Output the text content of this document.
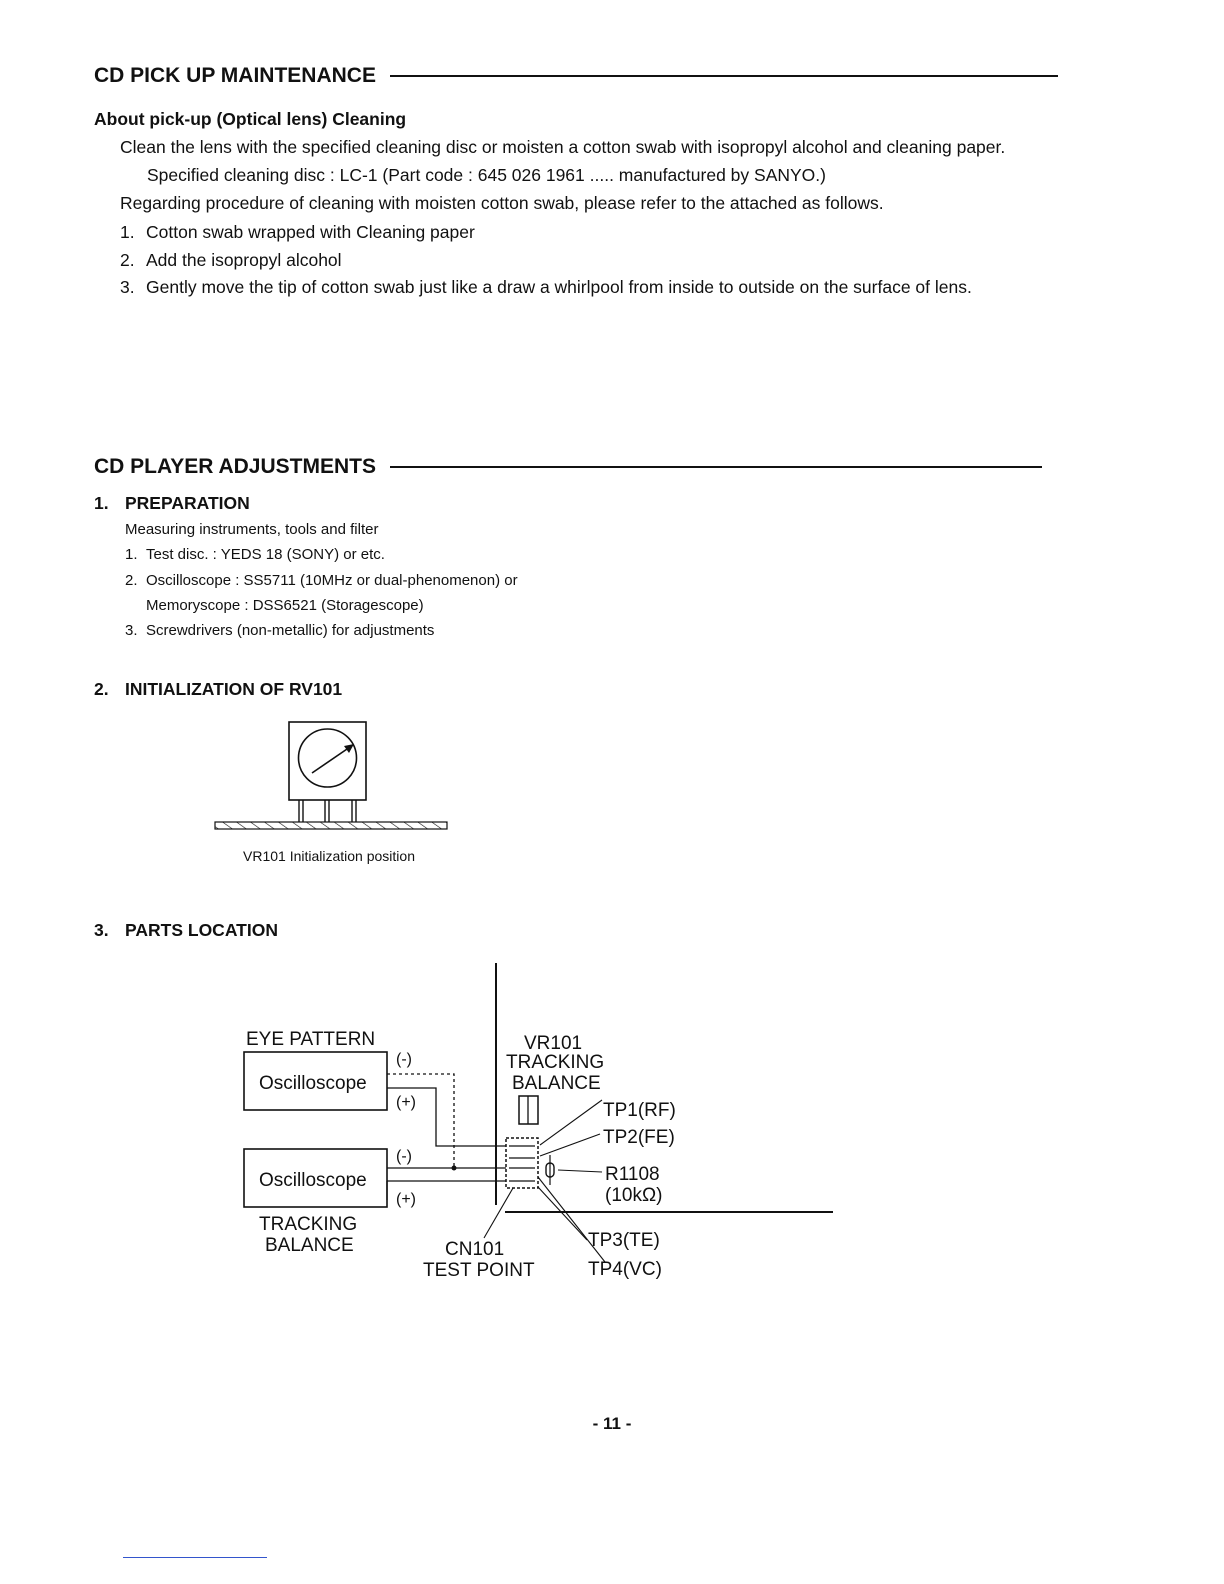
CD PICK UP MAINTENANCE
About pick-up (Optical lens) Cleaning
Clean the lens with the specified cleaning disc or moisten a cotton swab with isopropyl alcohol and cleaning paper.
Specified cleaning disc : LC-1 (Part code : 645 026 1961 ..... manufactured by SANYO.)
Regarding procedure of cleaning with moisten cotton swab, please refer to the attached as follows.
1. Cotton swab wrapped with Cleaning paper
2. Add the isopropyl alcohol
3. Gently move the tip of cotton swab just like a draw a whirlpool from inside to outside on the surface of lens.
CD PLAYER ADJUSTMENTS
1. PREPARATION
Measuring instruments, tools and filter
1. Test disc. : YEDS 18 (SONY) or etc.
2. Oscilloscope : SS5711 (10MHz or dual-phenomenon) or
Memoryscope : DSS6521 (Storagescope)
3. Screwdrivers (non-metallic) for adjustments
2. INITIALIZATION OF RV101
VR101 Initialization position
3. PARTS LOCATION
Oscilloscope
EYE PATTERN
(-)
(+)
Oscilloscope
(-)
(+)
TRACKING
BALANCE
VR101
TRACKING
BALANCE
R1108
(10kΩ)
TP1(RF)
TP2(FE)
TP3(TE)
TP4(VC)
CN101
TEST POINT
- 11 -
